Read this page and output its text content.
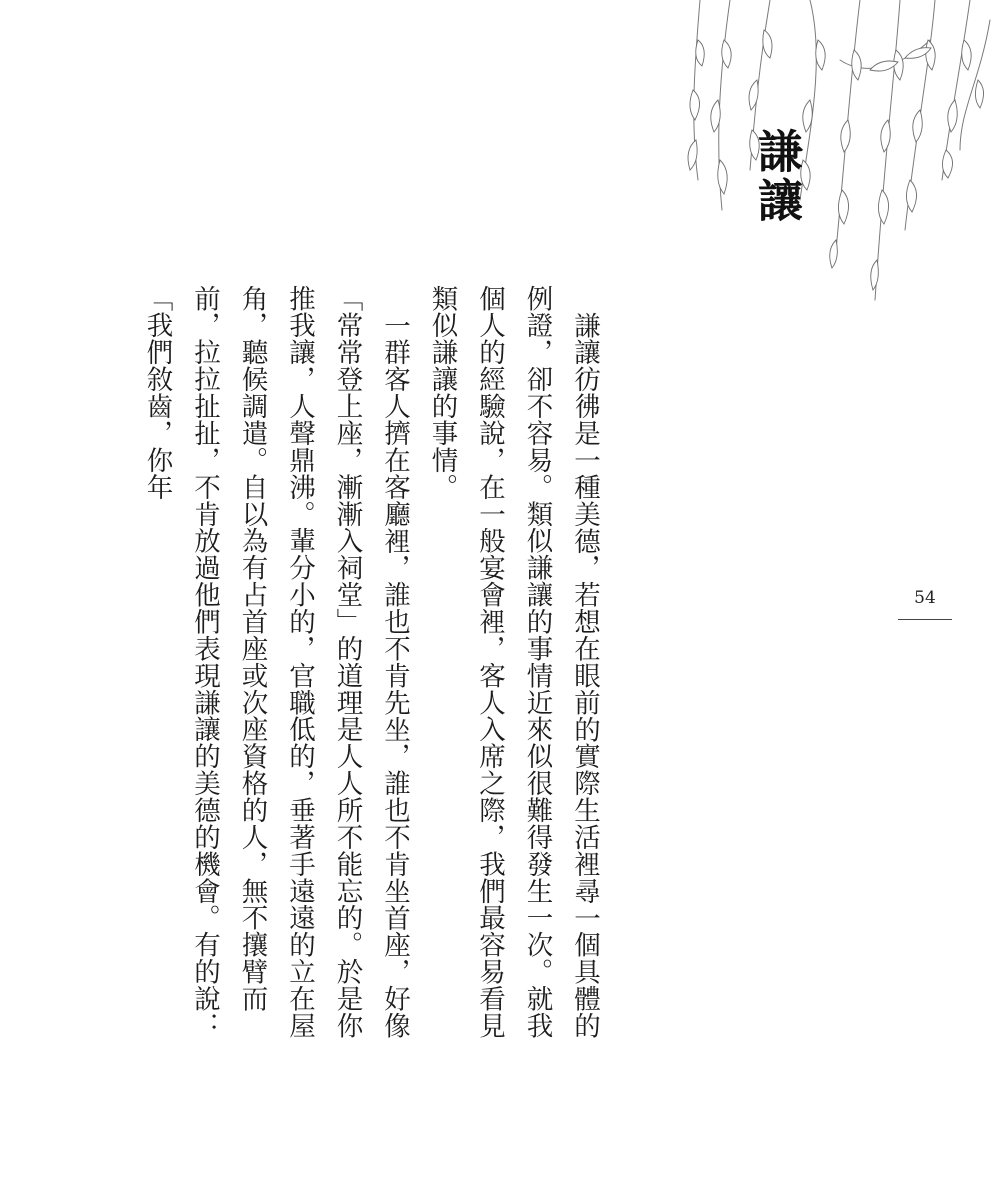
謙讓

謙讓彷彿是一種美德，若想在眼前的實際生活裡尋一個具體的例證，卻不容易。類似謙讓的事情近來似很難得發生一次。就我個人的經驗說，在一般宴會裡，客人入席之際，我們最容易看見類似謙讓的事情。

一群客人擠在客廳裡，誰也不肯先坐，誰也不肯坐首座，好像「常常登上座，漸漸入祠堂」的道理是人人所不能忘的。於是你推我讓，人聲鼎沸。輩分小的，官職低的，垂著手遠遠的立在屋角，聽候調遣。自以為有占首座或次座資格的人，無不攘臂而前，拉拉扯扯，不肯放過他們表現謙讓的美德的機會。有的說：「我們敘齒，你年

54
